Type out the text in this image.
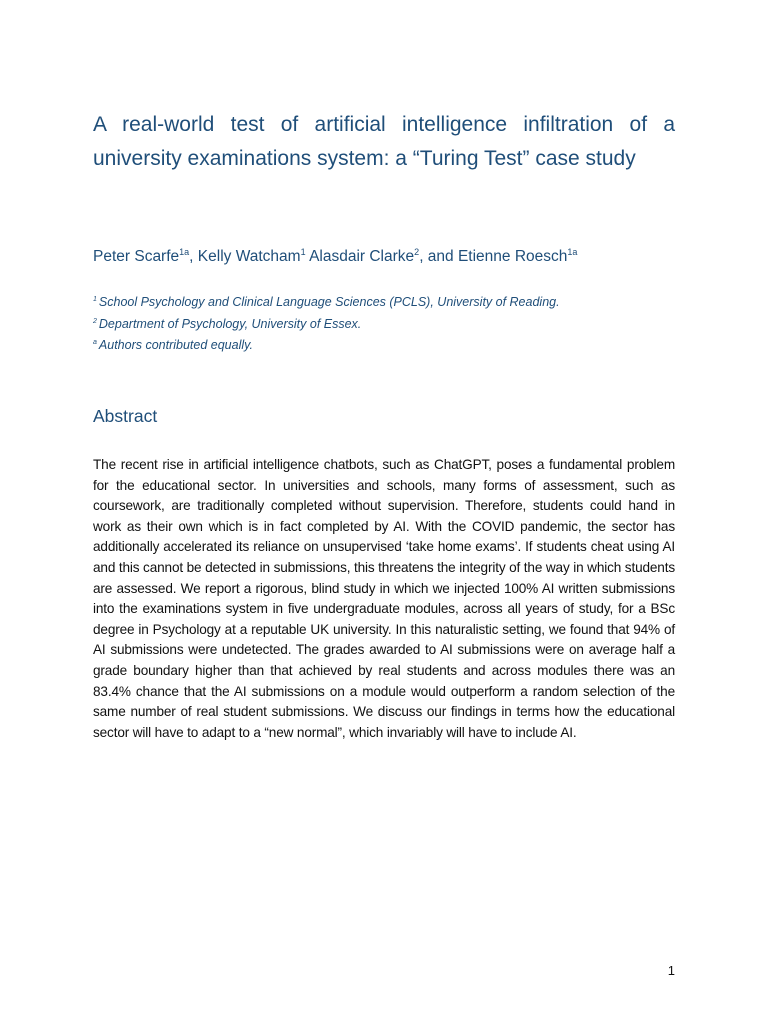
A real-world test of artificial intelligence infiltration of a university examinations system: a “Turing Test” case study

Peter Scarfe$^{1a}$, Kelly Watcham$^1$ Alasdair Clarke$^2$, and Etienne Roesch$^{1a}$

$^1$ School Psychology and Clinical Language Sciences (PCLS), University of Reading.
$^2$ Department of Psychology, University of Essex.
$^a$ Authors contributed equally.
Abstract

The recent rise in artificial intelligence chatbots, such as ChatGPT, poses a fundamental problem for the educational sector. In universities and schools, many forms of assessment, such as coursework, are traditionally completed without supervision. Therefore, students could hand in work as their own which is in fact completed by AI. With the COVID pandemic, the sector has additionally accelerated its reliance on unsupervised ‘take home exams’. If students cheat using AI and this cannot be detected in submissions, this threatens the integrity of the way in which students are assessed. We report a rigorous, blind study in which we injected 100% AI written submissions into the examinations system in five undergraduate modules, across all years of study, for a BSc degree in Psychology at a reputable UK university. In this naturalistic setting, we found that 94% of AI submissions were undetected. The grades awarded to AI submissions were on average half a grade boundary higher than that achieved by real students and across modules there was an 83.4% chance that the AI submissions on a module would outperform a random selection of the same number of real student submissions. We discuss our findings in terms how the educational sector will have to adapt to a “new normal”, which invariably will have to include AI.

1
